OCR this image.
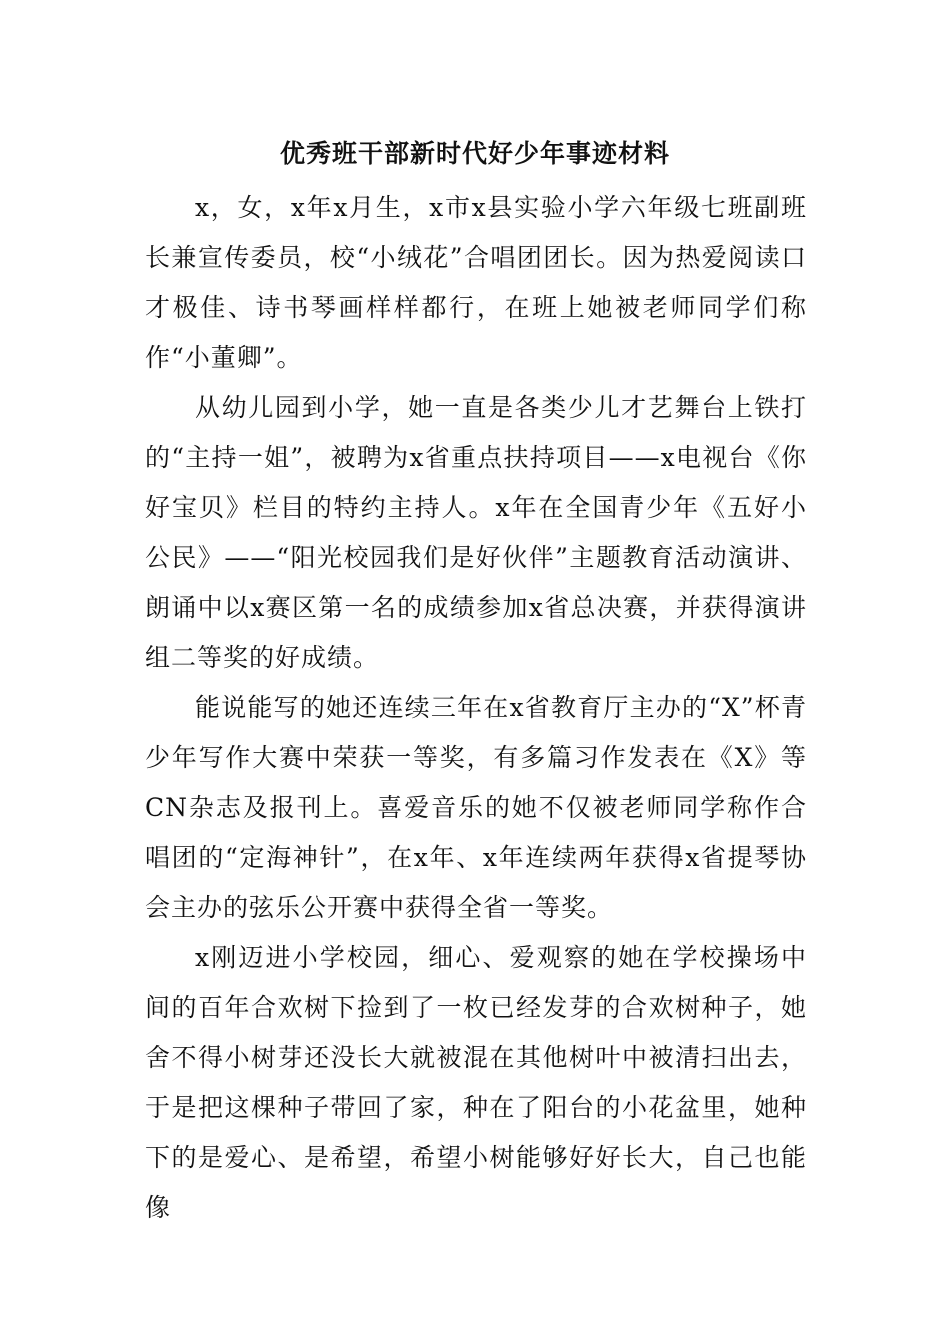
优秀班干部新时代好少年事迹材料

x，女，x年x月生，x市x县实验小学六年级七班副班长兼宣传委员，校“小绒花”合唱团团长。因为热爱阅读口才极佳、诗书琴画样样都行，在班上她被老师同学们称作“小董卿”。

从幼儿园到小学，她一直是各类少儿才艺舞台上铁打的“主持一姐”，被聘为x省重点扶持项目——x电视台《你好宝贝》栏目的特约主持人。x年在全国青少年《五好小公民》——“阳光校园我们是好伙伴”主题教育活动演讲、朗诵中以x赛区第一名的成绩参加x省总决赛，并获得演讲组二等奖的好成绩。

能说能写的她还连续三年在x省教育厅主办的“X”杯青少年写作大赛中荣获一等奖，有多篇习作发表在《X》等CN杂志及报刊上。喜爱音乐的她不仅被老师同学称作合唱团的“定海神针”，在x年、x年连续两年获得x省提琴协会主办的弦乐公开赛中获得全省一等奖。

x刚迈进小学校园，细心、爱观察的她在学校操场中间的百年合欢树下捡到了一枚已经发芽的合欢树种子，她舍不得小树芽还没长大就被混在其他树叶中被清扫出去，于是把这棵种子带回了家，种在了阳台的小花盆里，她种下的是爱心、是希望，希望小树能够好好长大，自己也能像
